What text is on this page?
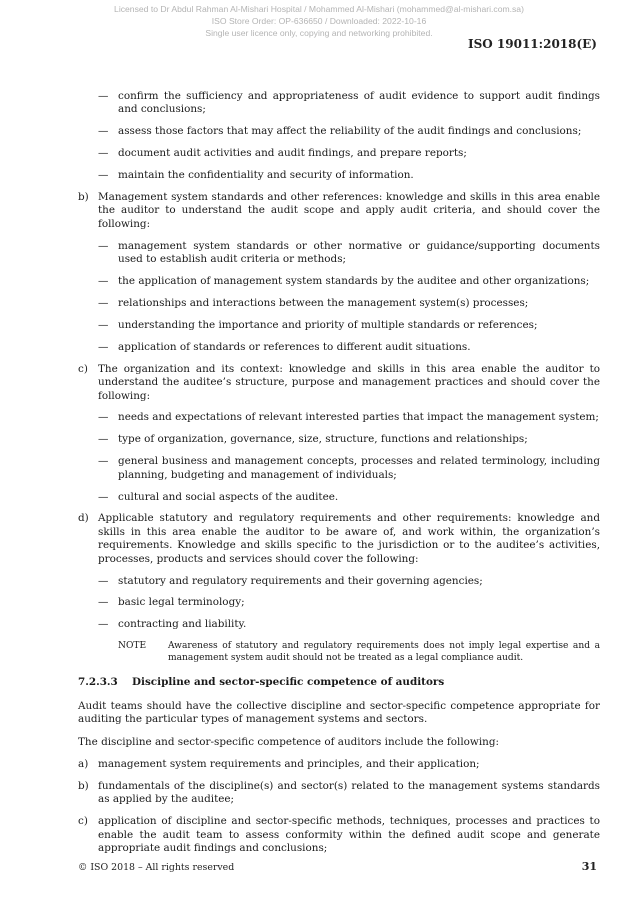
Licensed to Dr Abdul Rahman Al-Mishari Hospital / Mohammed Al-Mishari (mohammed@al-mishari.com.sa)
ISO Store Order: OP-636650 / Downloaded: 2022-10-16
Single user licence only, copying and networking prohibited.
ISO 19011:2018(E)
— confirm the sufficiency and appropriateness of audit evidence to support audit findings and conclusions;
— assess those factors that may affect the reliability of the audit findings and conclusions;
— document audit activities and audit findings, and prepare reports;
— maintain the confidentiality and security of information.
b) Management system standards and other references: knowledge and skills in this area enable the auditor to understand the audit scope and apply audit criteria, and should cover the following:
— management system standards or other normative or guidance/supporting documents used to establish audit criteria or methods;
— the application of management system standards by the auditee and other organizations;
— relationships and interactions between the management system(s) processes;
— understanding the importance and priority of multiple standards or references;
— application of standards or references to different audit situations.
c) The organization and its context: knowledge and skills in this area enable the auditor to understand the auditee’s structure, purpose and management practices and should cover the following:
— needs and expectations of relevant interested parties that impact the management system;
— type of organization, governance, size, structure, functions and relationships;
— general business and management concepts, processes and related terminology, including planning, budgeting and management of individuals;
— cultural and social aspects of the auditee.
d) Applicable statutory and regulatory requirements and other requirements: knowledge and skills in this area enable the auditor to be aware of, and work within, the organization’s requirements. Knowledge and skills specific to the jurisdiction or to the auditee’s activities, processes, products and services should cover the following:
— statutory and regulatory requirements and their governing agencies;
— basic legal terminology;
— contracting and liability.
NOTE	Awareness of statutory and regulatory requirements does not imply legal expertise and a management system audit should not be treated as a legal compliance audit.
7.2.3.3	Discipline and sector-specific competence of auditors
Audit teams should have the collective discipline and sector-specific competence appropriate for auditing the particular types of management systems and sectors.
The discipline and sector-specific competence of auditors include the following:
a) management system requirements and principles, and their application;
b) fundamentals of the discipline(s) and sector(s) related to the management systems standards as applied by the auditee;
c) application of discipline and sector-specific methods, techniques, processes and practices to enable the audit team to assess conformity within the defined audit scope and generate appropriate audit findings and conclusions;
© ISO 2018 – All rights reserved	31
